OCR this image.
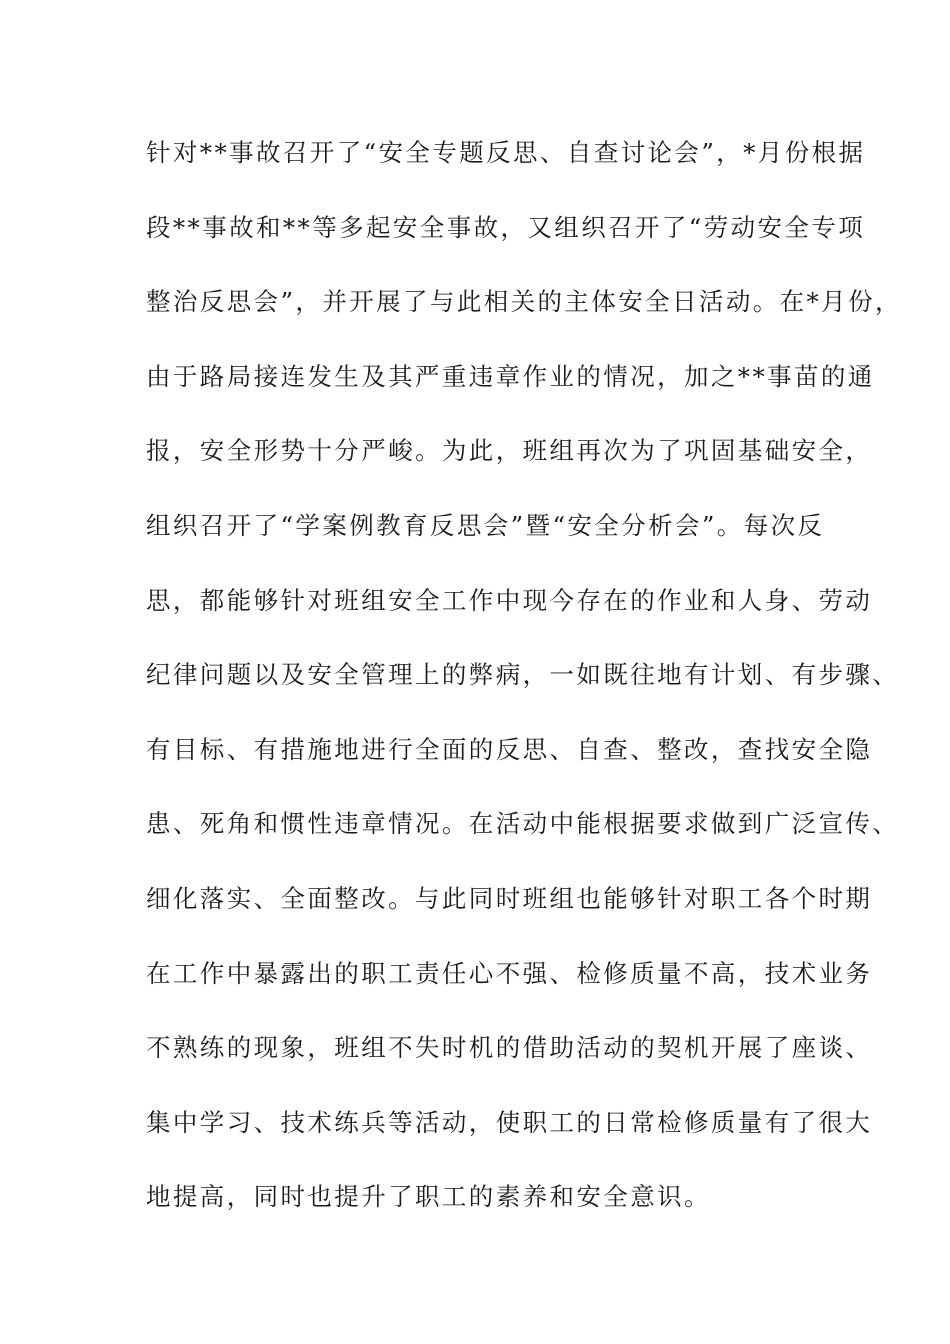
针对**事故召开了“安全专题反思、自查讨论会”，*月份根据
段**事故和**等多起安全事故，又组织召开了“劳动安全专项
整治反思会”，并开展了与此相关的主体安全日活动。在*月份，
由于路局接连发生及其严重违章作业的情况，加之**事苗的通
报，安全形势十分严峻。为此，班组再次为了巩固基础安全，
组织召开了“学案例教育反思会”暨“安全分析会”。每次反
思，都能够针对班组安全工作中现今存在的作业和人身、劳动
纪律问题以及安全管理上的弊病，一如既往地有计划、有步骤、
有目标、有措施地进行全面的反思、自查、整改，查找安全隐
患、死角和惯性违章情况。在活动中能根据要求做到广泛宣传、
细化落实、全面整改。与此同时班组也能够针对职工各个时期
在工作中暴露出的职工责任心不强、检修质量不高，技术业务
不熟练的现象，班组不失时机的借助活动的契机开展了座谈、
集中学习、技术练兵等活动，使职工的日常检修质量有了很大
地提高，同时也提升了职工的素养和安全意识。
